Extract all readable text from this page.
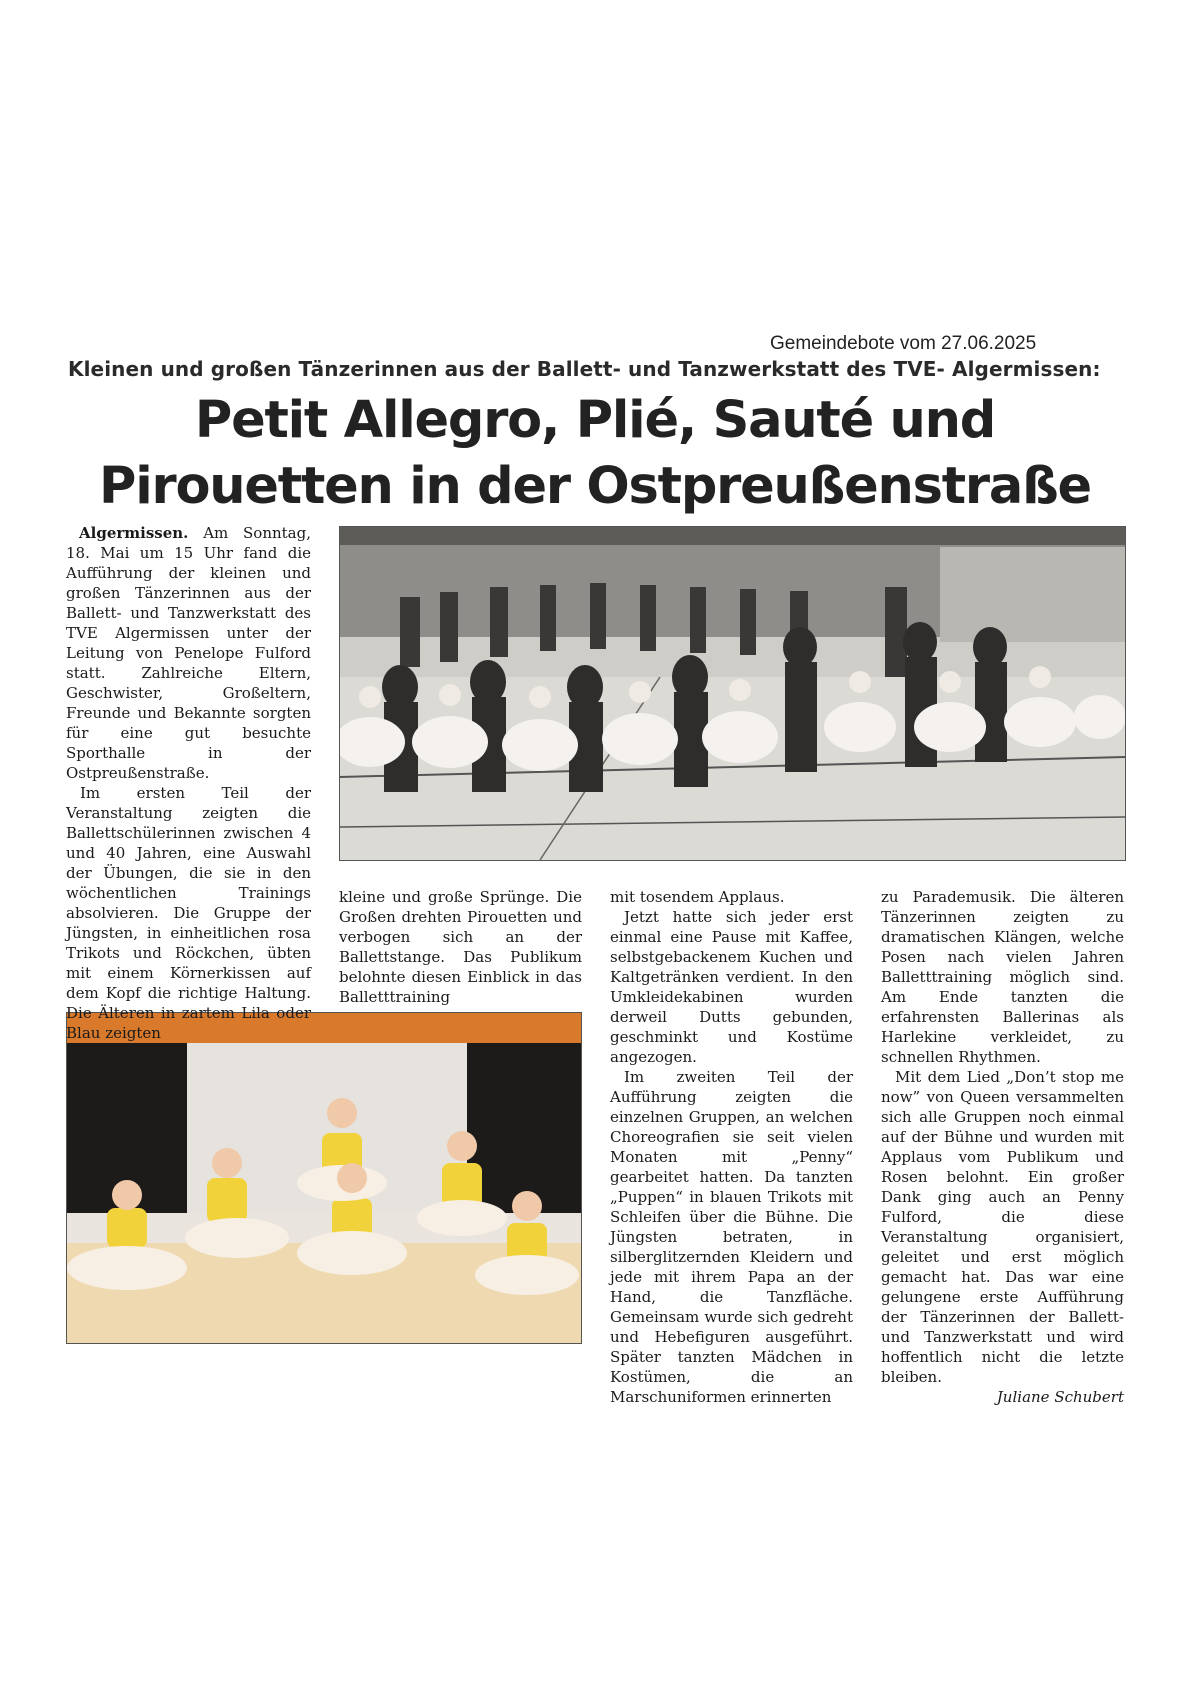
Gemeindebote vom 27.06.2025
Kleinen und großen Tänzerinnen aus der Ballett- und Tanzwerkstatt des TVE- Algermissen:
Petit Allegro, Plié, Sauté und
Pirouetten in der Ostpreußenstraße

Algermissen. Am Sonntag, 18. Mai um 15 Uhr fand die Aufführung der kleinen und großen Tänzerinnen aus der Ballett- und Tanzwerkstatt des TVE Algermissen unter der Leitung von Penelope Fulford statt. Zahlreiche Eltern, Geschwister, Großeltern, Freunde und Bekannte sorgten für eine gut besuchte Sporthalle in der Ostpreußenstraße.

Im ersten Teil der Veranstaltung zeigten die Ballettschülerinnen zwischen 4 und 40 Jahren, eine Auswahl der Übungen, die sie in den wöchentlichen Trainings absolvieren. Die Gruppe der Jüngsten, in einheitlichen rosa Trikots und Röckchen, übten mit einem Körnerkissen auf dem Kopf die richtige Haltung. Die Älteren in zartem Lila oder Blau zeigten

kleine und große Sprünge. Die Großen drehten Pirouetten und verbogen sich an der Ballettstange. Das Publikum belohnte diesen Einblick in das Balletttraining

mit tosendem Applaus.

Jetzt hatte sich jeder erst einmal eine Pause mit Kaffee, selbstgebackenem Kuchen und Kaltgetränken verdient. In den Umkleidekabinen wurden derweil Dutts gebunden, geschminkt und Kostüme angezogen.

Im zweiten Teil der Aufführung zeigten die einzelnen Gruppen, an welchen Choreografien sie seit vielen Monaten mit „Penny“ gearbeitet hatten. Da tanzten „Puppen“ in blauen Trikots mit Schleifen über die Bühne. Die Jüngsten betraten, in silberglitzernden Kleidern und jede mit ihrem Papa an der Hand, die Tanzfläche. Gemeinsam wurde sich gedreht und Hebefiguren ausgeführt. Später tanzten Mädchen in Kostümen, die an Marschuniformen erinnerten

zu Parademusik. Die älteren Tänzerinnen zeigten zu dramatischen Klängen, welche Posen nach vielen Jahren Balletttraining möglich sind. Am Ende tanzten die erfahrensten Ballerinas als Harlekine verkleidet, zu schnellen Rhythmen.

Mit dem Lied „Don’t stop me now” von Queen versammelten sich alle Gruppen noch einmal auf der Bühne und wurden mit Applaus vom Publikum und Rosen belohnt. Ein großer Dank ging auch an Penny Fulford, die diese Veranstaltung organisiert, geleitet und erst möglich gemacht hat. Das war eine gelungene erste Aufführung der Tänzerinnen der Ballett- und Tanzwerkstatt und wird hoffentlich nicht die letzte bleiben.

Juliane Schubert
